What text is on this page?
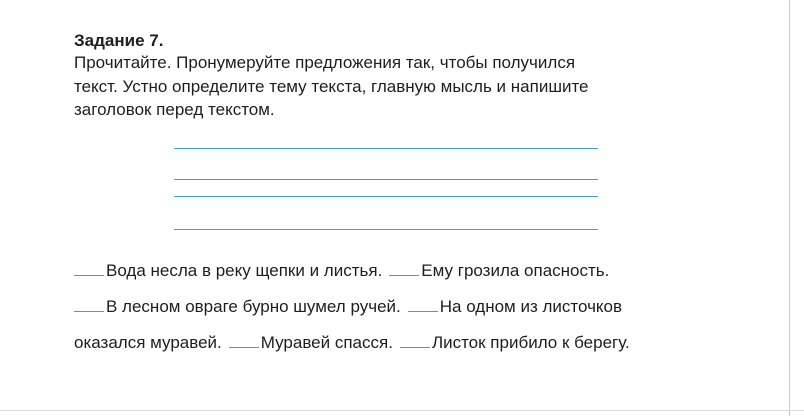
Задание 7.
Прочитайте. Пронумеруйте предложения так, чтобы получился
текст. Устно определите тему текста, главную мысль и напишите
заголовок перед текстом.
Вода несла в реку щепки и листья. Ему грозила опасность.
В лесном овраге бурно шумел ручей. На одном из листочков
оказался муравей. Муравей спасся. Листок прибило к берегу.
